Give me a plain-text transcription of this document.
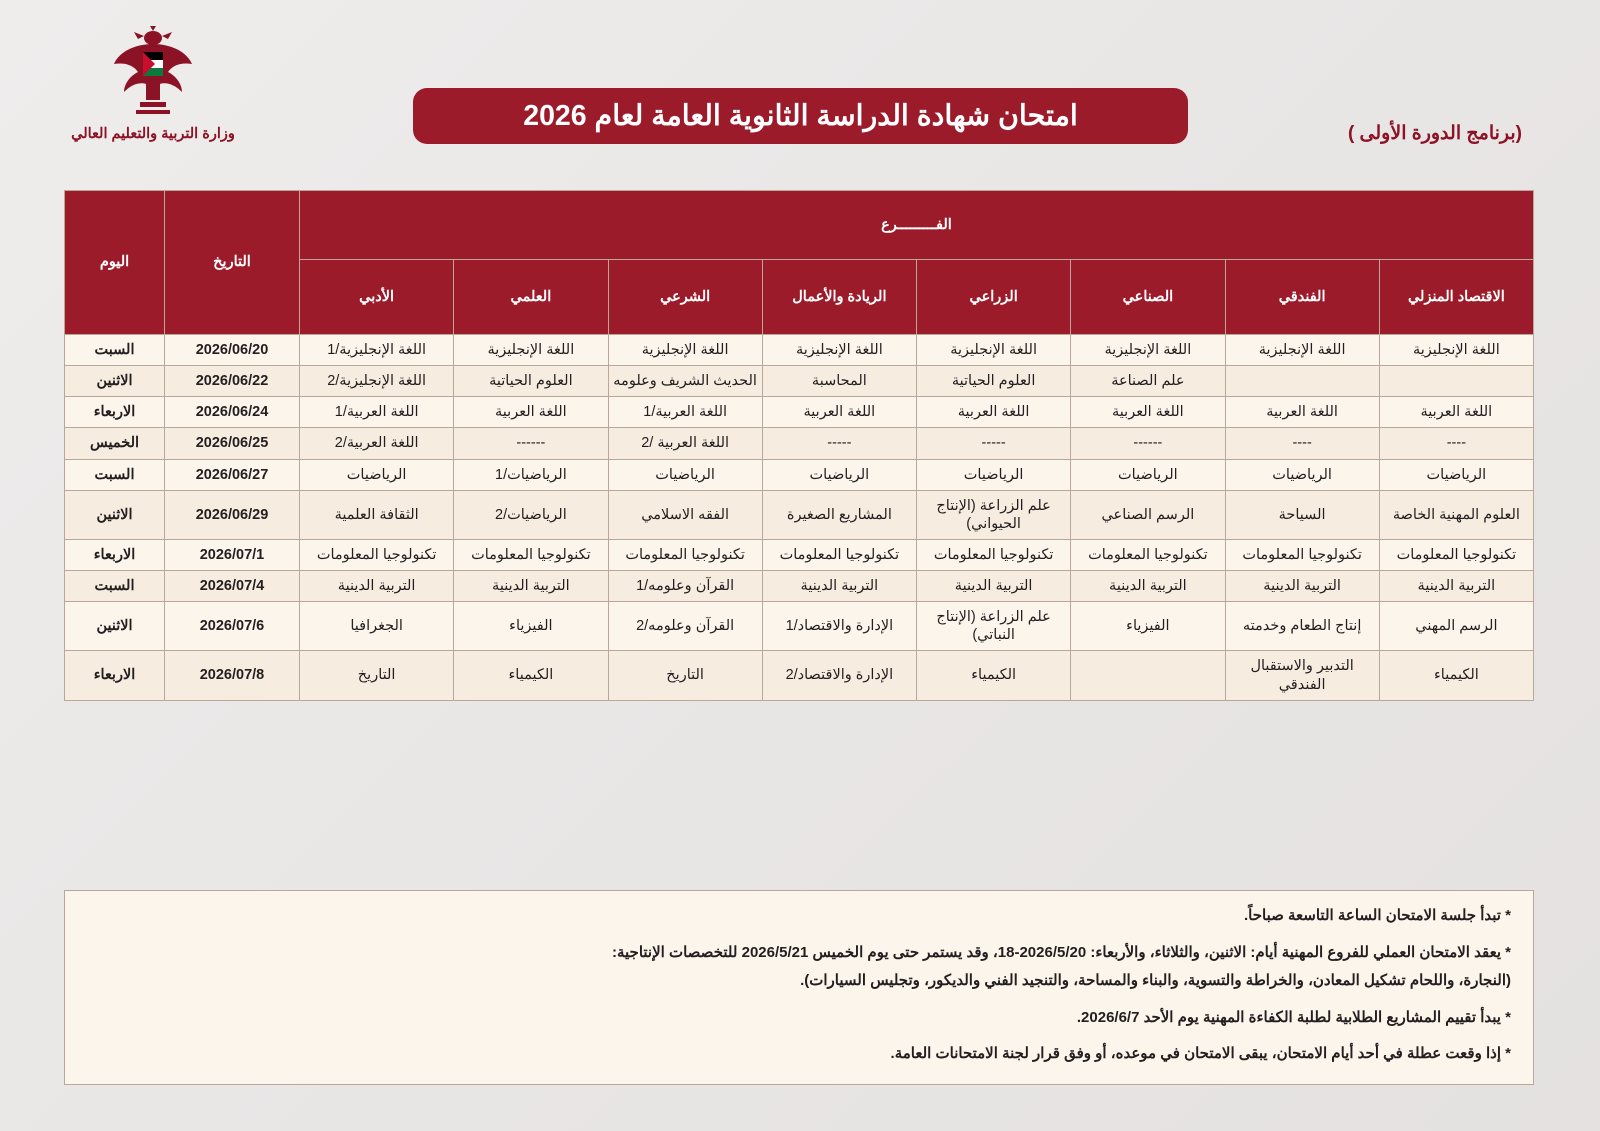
وزارة التربية والتعليم العالي
امتحان شهادة الدراسة الثانوية العامة لعام 2026
(برنامج الدورة الأولى )
الفـــــــــرع								التاريخ	اليوم
الاقتصاد المنزلي	الفندقي	الصناعي	الزراعي	الريادة والأعمال	الشرعي	العلمي	الأدبي		
اللغة الإنجليزية	اللغة الإنجليزية	اللغة الإنجليزية	اللغة الإنجليزية	اللغة الإنجليزية	اللغة الإنجليزية	اللغة الإنجليزية	اللغة الإنجليزية/1	2026/06/20	السبت
		علم الصناعة	العلوم الحياتية	المحاسبة	الحديث الشريف وعلومه	العلوم الحياتية	اللغة الإنجليزية/2	2026/06/22	الاثنين
اللغة العربية	اللغة العربية	اللغة العربية	اللغة العربية	اللغة العربية	اللغة العربية/1	اللغة العربية	اللغة العربية/1	2026/06/24	الاربعاء
----	----	------	-----	-----	اللغة العربية /2	------	اللغة العربية/2	2026/06/25	الخميس
الرياضيات	الرياضيات	الرياضيات	الرياضيات	الرياضيات	الرياضيات	الرياضيات/1	الرياضيات	2026/06/27	السبت
العلوم المهنية الخاصة	السياحة	الرسم الصناعي	علم الزراعة (الإنتاج الحيواني)	المشاريع الصغيرة	الفقه الاسلامي	الرياضيات/2	الثقافة العلمية	2026/06/29	الاثنين
تكنولوجيا المعلومات	تكنولوجيا المعلومات	تكنولوجيا المعلومات	تكنولوجيا المعلومات	تكنولوجيا المعلومات	تكنولوجيا المعلومات	تكنولوجيا المعلومات	تكنولوجيا المعلومات	2026/07/1	الاربعاء
التربية الدينية	التربية الدينية	التربية الدينية	التربية الدينية	التربية الدينية	القرآن وعلومه/1	التربية الدينية	التربية الدينية	2026/07/4	السبت
الرسم المهني	إنتاج الطعام وخدمته	الفيزياء	علم الزراعة (الإنتاج النباتي)	الإدارة والاقتصاد/1	القرآن وعلومه/2	الفيزياء	الجغرافيا	2026/07/6	الاثنين
الكيمياء	التدبير والاستقبال الفندقي		الكيمياء	الإدارة والاقتصاد/2	التاريخ	الكيمياء	التاريخ	2026/07/8	الاربعاء

* تبدأ جلسة الامتحان الساعة التاسعة صباحاً.

* يعقد الامتحان العملي للفروع المهنية أيام: الاثنين، والثلاثاء، والأربعاء: 2026/5/20-18، وقد يستمر حتى يوم الخميس 2026/5/21 للتخصصات الإنتاجية:

(النجارة، واللحام تشكيل المعادن، والخراطة والتسوية، والبناء والمساحة، والتنجيد الفني والديكور، وتجليس السيارات).

* يبدأ تقييم المشاريع الطلابية لطلبة الكفاءة المهنية يوم الأحد 2026/6/7.

* إذا وقعت عطلة في أحد أيام الامتحان، يبقى الامتحان في موعده، أو وفق قرار لجنة الامتحانات العامة.
